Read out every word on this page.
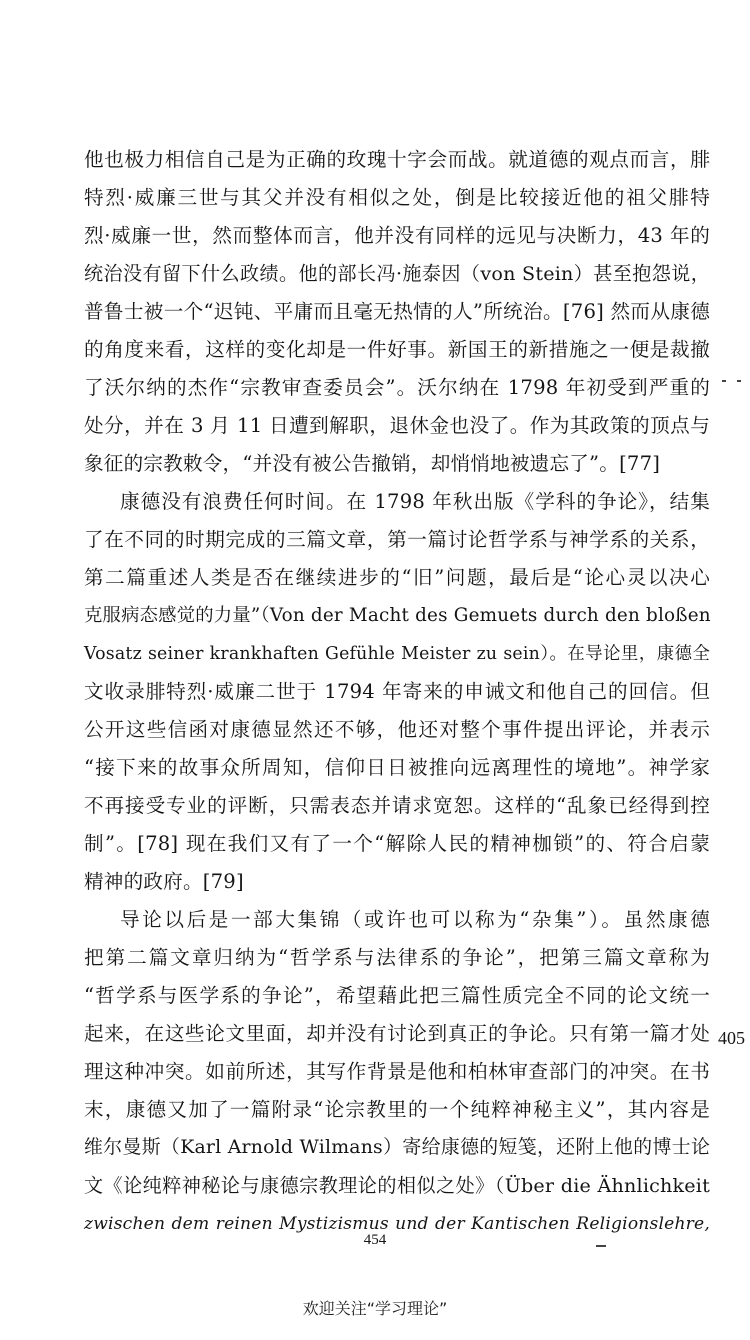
他也极力相信自己是为正确的玫瑰十字会而战。就道德的观点而言，腓
特烈·威廉三世与其父并没有相似之处，倒是比较接近他的祖父腓特
烈·威廉一世，然而整体而言，他并没有同样的远见与决断力，43 年的
统治没有留下什么政绩。他的部长冯·施泰因（von Stein）甚至抱怨说，
普鲁士被一个“迟钝、平庸而且毫无热情的人”所统治。[76] 然而从康德
的角度来看，这样的变化却是一件好事。新国王的新措施之一便是裁撤
了沃尔纳的杰作“宗教审查委员会”。沃尔纳在 1798 年初受到严重的
处分，并在 3 月 11 日遭到解职，退休金也没了。作为其政策的顶点与
象征的宗教敕令，“并没有被公告撤销，却悄悄地被遗忘了”。[77]
康德没有浪费任何时间。在 1798 年秋出版《学科的争论》，结集
了在不同的时期完成的三篇文章，第一篇讨论哲学系与神学系的关系，
第二篇重述人类是否在继续进步的“旧”问题，最后是“论心灵以决心
克服病态感觉的力量”（Von der Macht des Gemuets durch den bloßen
Vosatz seiner krankhaften Gefühle Meister zu sein）。在导论里，康德全
文收录腓特烈·威廉二世于 1794 年寄来的申诫文和他自己的回信。但
公开这些信函对康德显然还不够，他还对整个事件提出评论，并表示
“接下来的故事众所周知，信仰日日被推向远离理性的境地”。神学家
不再接受专业的评断，只需表态并请求宽恕。这样的“乱象已经得到控
制”。[78] 现在我们又有了一个“解除人民的精神枷锁”的、符合启蒙
精神的政府。[79]
导论以后是一部大集锦（或许也可以称为“杂集”）。虽然康德
把第二篇文章归纳为“哲学系与法律系的争论”，把第三篇文章称为
“哲学系与医学系的争论”，希望藉此把三篇性质完全不同的论文统一
起来，在这些论文里面，却并没有讨论到真正的争论。只有第一篇才处
理这种冲突。如前所述，其写作背景是他和柏林审查部门的冲突。在书
末，康德又加了一篇附录“论宗教里的一个纯粹神秘主义”，其内容是
维尔曼斯（Karl Arnold Wilmans）寄给康德的短笺，还附上他的博士论
文《论纯粹神秘论与康德宗教理论的相似之处》（Über die Ähnlichkeit
zwischen dem reinen Mystizismus und der Kantischen Religionslehre,
405
454
欢迎关注“学习理论”
